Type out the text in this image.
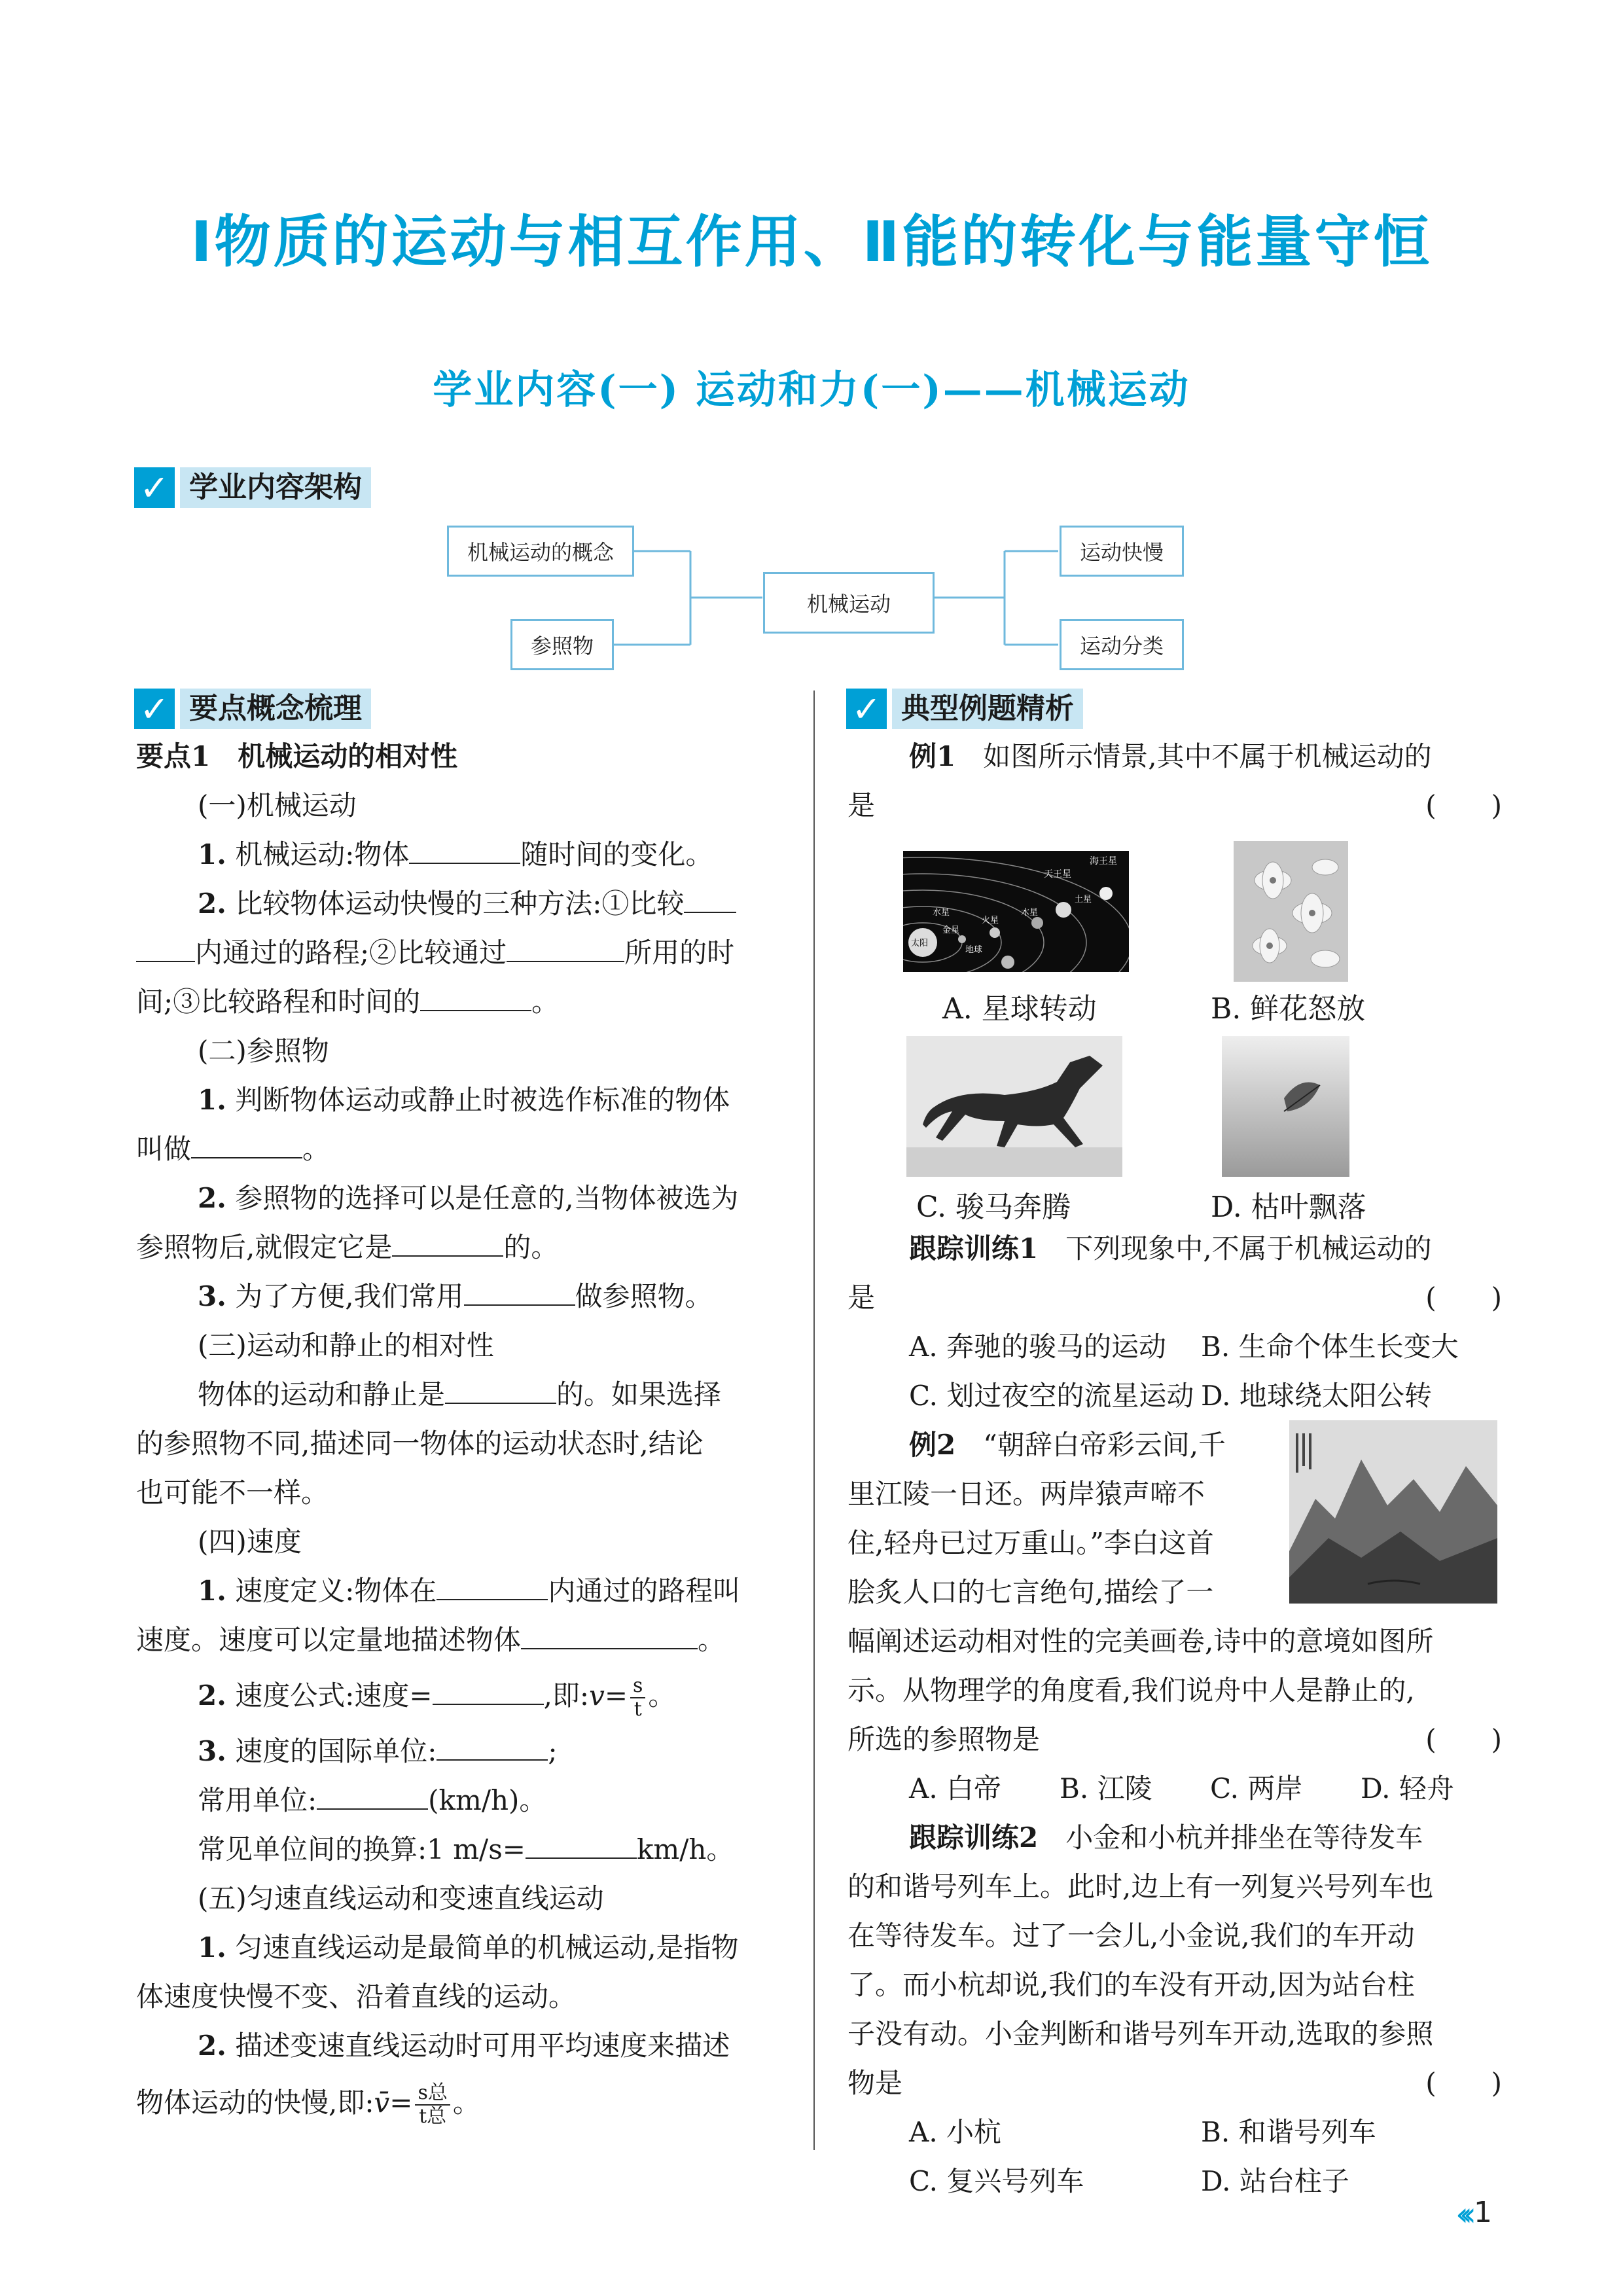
Ⅰ物质的运动与相互作用、Ⅱ能的转化与能量守恒
学业内容(一) 运动和力(一)——机械运动
✓ 学业内容架构
机械运动的概念
参照物
机械运动
运动快慢
运动分类
✓ 要点概念梳理	✓ 典型例题精析
要点1　机械运动的相对性
(一)机械运动
1. 机械运动:物体	随时间的变化。
2. 比较物体运动快慢的三种方法:①比较
内通过的路程;②比较通过	所用的时
间;③比较路程和时间的	。
(二)参照物
1. 判断物体运动或静止时被选作标准的物体
叫做	。
2. 参照物的选择可以是任意的,当物体被选为
参照物后,就假定它是	的。
3. 为了方便,我们常用	做参照物。
(三)运动和静止的相对性
物体的运动和静止是	的。如果选择
的参照物不同,描述同一物体的运动状态时,结论
也可能不一样。
(四)速度
1. 速度定义:物体在	内通过的路程叫
速度。速度可以定量地描述物体	。
2. 速度公式:速度=	,即:v= $\frac{s}{t}$ 。
3. 速度的国际单位:	;
常用单位:	(km/h)。
常见单位间的换算:1 m/s=	km/h。
(五)匀速直线运动和变速直线运动
1. 匀速直线运动是最简单的机械运动,是指物
体速度快慢不变、沿着直线的运动。
2. 描述变速直线运动时可用平均速度来描述
物体运动的快慢,即:v̄= $\frac{\text{s总}}{\text{t总}}$ 。
例1　如图所示情景,其中不属于机械运动的
是	(　　)
天王星
海王星
土星
木星
火星
地球
金星
水星
太阳
A. 星球转动	B. 鲜花怒放
C. 骏马奔腾	D. 枯叶飘落
跟踪训练1　下列现象中,不属于机械运动的
是	(　　)
A. 奔驰的骏马的运动 B. 生命个体生长变大
C. 划过夜空的流星运动 D. 地球绕太阳公转
例2　“朝辞白帝彩云间,千
里江陵一日还。两岸猿声啼不
住,轻舟已过万重山。”李白这首
脍炙人口的七言绝句,描绘了一
幅阐述运动相对性的完美画卷,诗中的意境如图所
示。从物理学的角度看,我们说舟中人是静止的,
所选的参照物是	(　　)
A. 白帝 B. 江陵 C. 两岸 D. 轻舟
跟踪训练2　小金和小杭并排坐在等待发车
的和谐号列车上。此时,边上有一列复兴号列车也
在等待发车。过了一会儿,小金说,我们的车开动
了。而小杭却说,我们的车没有开动,因为站台柱
子没有动。小金判断和谐号列车开动,选取的参照
物是	(　　)
A. 小杭	B. 和谐号列车
C. 复兴号列车	D. 站台柱子
‹‹‹ 1
